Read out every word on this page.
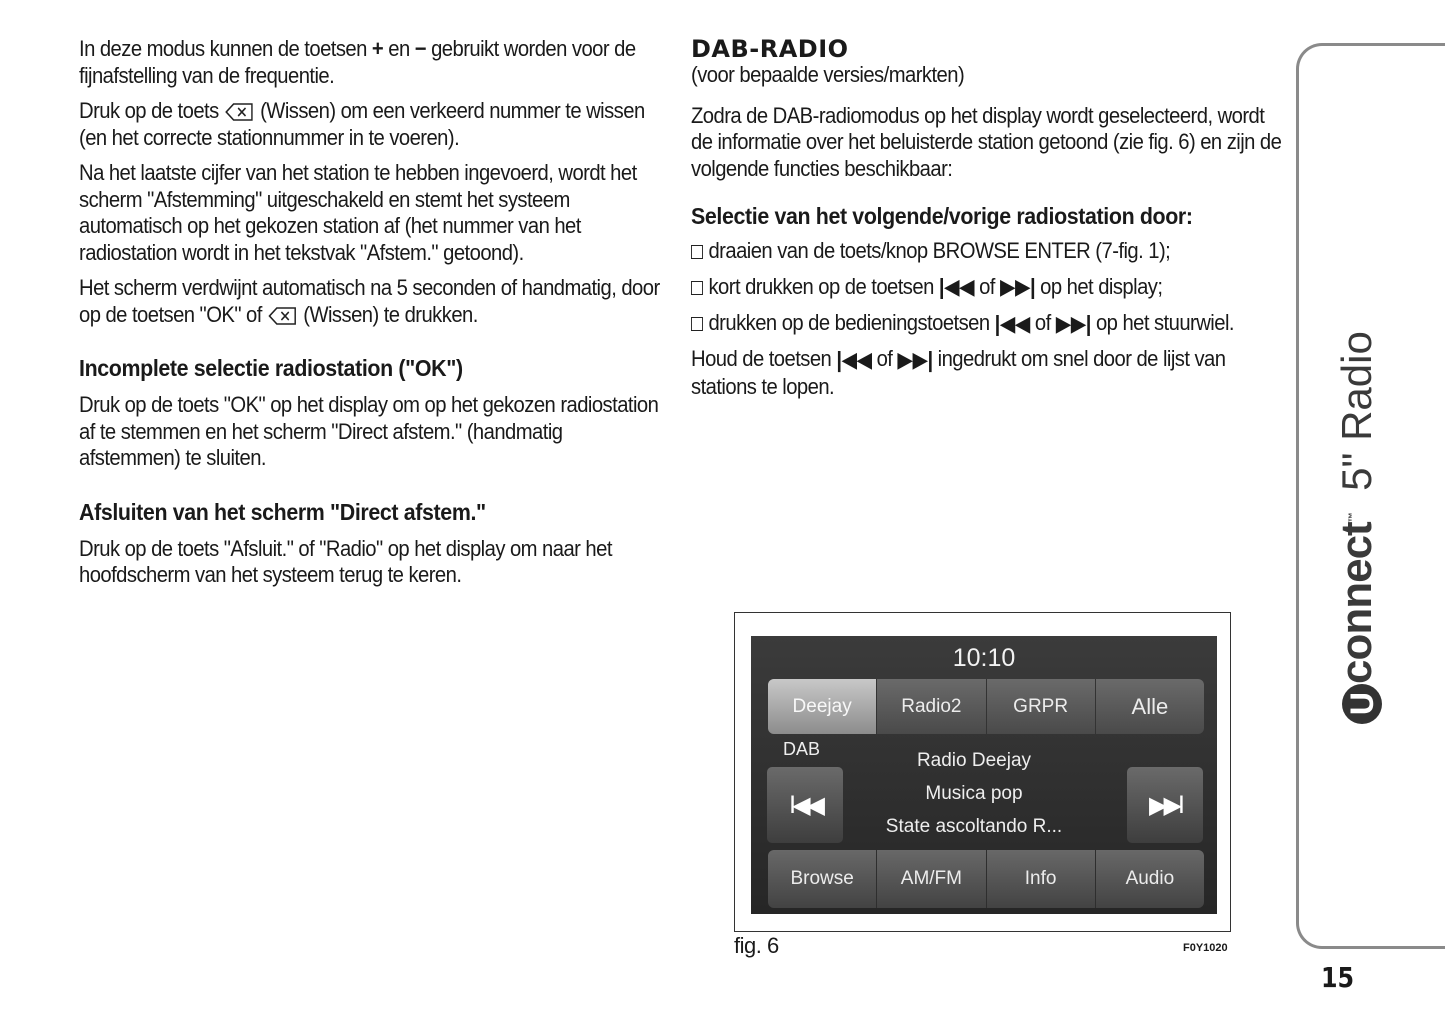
In deze modus kunnen de toetsen + en − gebruikt worden voor de fijnafstelling van de frequentie.

Druk op de toets (Wissen) om een verkeerd nummer te wissen (en het correcte stationnummer in te voeren).

Na het laatste cijfer van het station te hebben ingevoerd, wordt het scherm "Afstemming" uitgeschakeld en stemt het systeem automatisch op het gekozen station af (het nummer van het radiostation wordt in het tekstvak "Afstem." getoond).

Het scherm verdwijnt automatisch na 5 seconden of handmatig, door op de toetsen "OK" of (Wissen) te drukken.

Incomplete selectie radiostation ("OK")

Druk op de toets "OK" op het display om op het gekozen radiostation af te stemmen en het scherm "Direct afstem." (handmatig afstemmen) te sluiten.

Afsluiten van het scherm "Direct afstem."

Druk op de toets "Afsluit." of "Radio" op het display om naar het hoofdscherm van het systeem terug te keren.

DAB-RADIO

(voor bepaalde versies/markten)

Zodra de DAB-radiomodus op het display wordt geselecteerd, wordt de informatie over het beluisterde station getoond (zie fig. 6) en zijn de volgende functies beschikbaar:

Selectie van het volgende/vorige radiostation door:

draaien van de toets/knop BROWSE ENTER (7-fig. 1);

kort drukken op de toetsen |◀◀ of ▶▶| op het display;

drukken op de bedieningstoetsen |◀◀ of ▶▶| op het stuurwiel.

Houd de toetsen |◀◀ of ▶▶| ingedrukt om snel door de lijst van stations te lopen.

10:10
Deejay	Radio2	GRPR	Alle
DAB
Radio Deejay
Musica pop
State ascoltando R...
I◀◀	▶▶I
Browse	AM/FM	Info	Audio
fig. 6	F0Y1020
Uconnect™ 5" Radio
15
